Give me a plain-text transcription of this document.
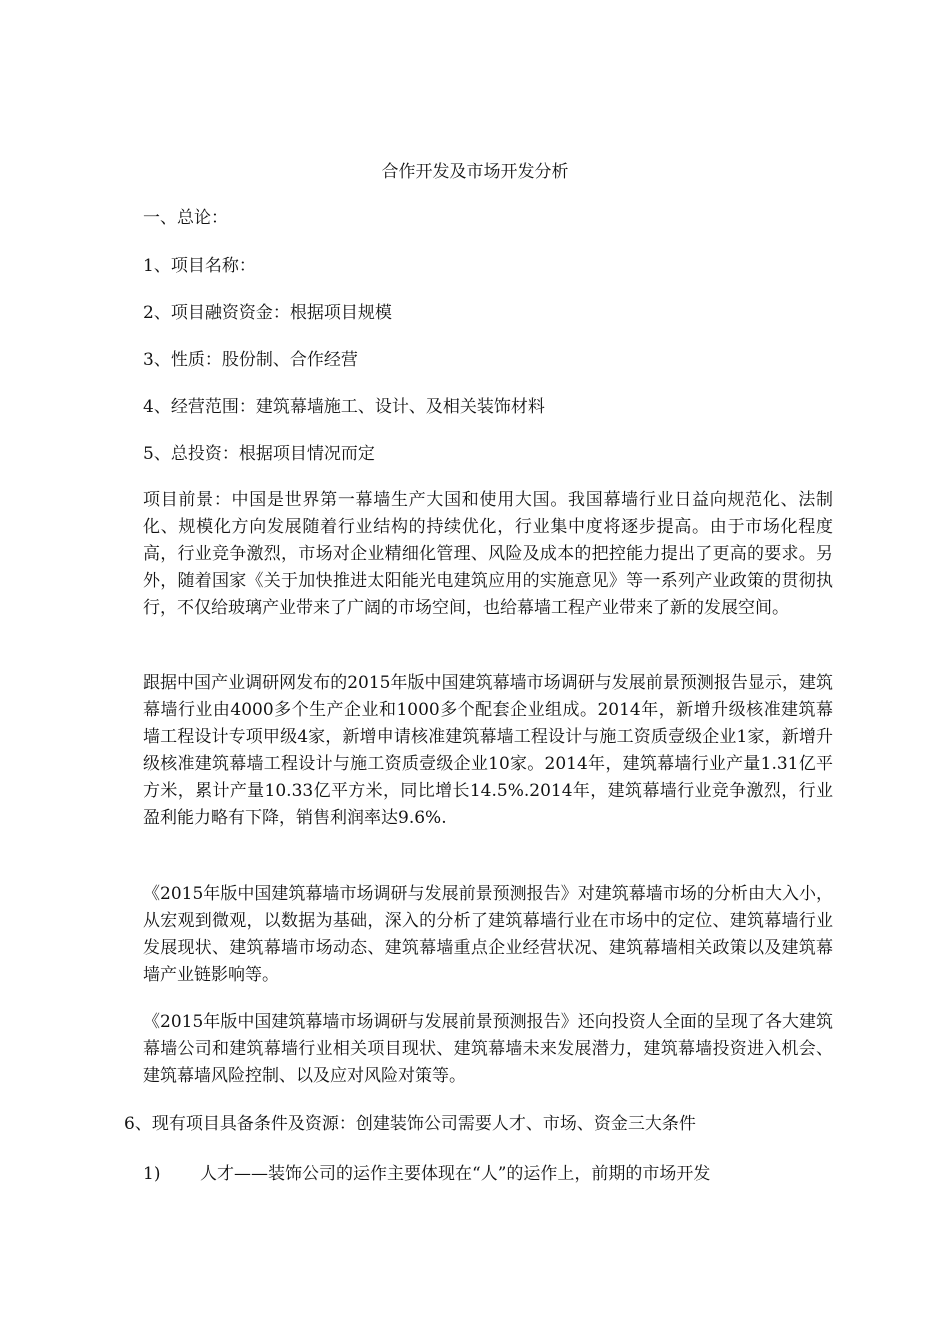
合作开发及市场开发分析
一、总论：
1、项目名称：
2、项目融资资金：根据项目规模
3、性质：股份制、合作经营
4、经营范围：建筑幕墙施工、设计、及相关装饰材料
5、总投资：根据项目情况而定
项目前景：中国是世界第一幕墙生产大国和使用大国。我国幕墙行业日益向规范化、法制化、规模化方向发展随着行业结构的持续优化，行业集中度将逐步提高。由于市场化程度高，行业竞争激烈，市场对企业精细化管理、风险及成本的把控能力提出了更高的要求。另外，随着国家《关于加快推进太阳能光电建筑应用的实施意见》等一系列产业政策的贯彻执行，不仅给玻璃产业带来了广阔的市场空间，也给幕墙工程产业带来了新的发展空间。
跟据中国产业调研网发布的2015年版中国建筑幕墙市场调研与发展前景预测报告显示，建筑幕墙行业由4000多个生产企业和1000多个配套企业组成。2014年，新增升级核准建筑幕墙工程设计专项甲级4家，新增申请核准建筑幕墙工程设计与施工资质壹级企业1家，新增升级核准建筑幕墙工程设计与施工资质壹级企业10家。2014年，建筑幕墙行业产量1.31亿平方米，累计产量10.33亿平方米，同比增长14.5%.2014年，建筑幕墙行业竞争激烈，行业盈利能力略有下降，销售利润率达9.6%.
《2015年版中国建筑幕墙市场调研与发展前景预测报告》对建筑幕墙市场的分析由大入小，从宏观到微观，以数据为基础，深入的分析了建筑幕墙行业在市场中的定位、建筑幕墙行业发展现状、建筑幕墙市场动态、建筑幕墙重点企业经营状况、建筑幕墙相关政策以及建筑幕墙产业链影响等。
《2015年版中国建筑幕墙市场调研与发展前景预测报告》还向投资人全面的呈现了各大建筑幕墙公司和建筑幕墙行业相关项目现状、建筑幕墙未来发展潜力，建筑幕墙投资进入机会、建筑幕墙风险控制、以及应对风险对策等。
6、现有项目具备条件及资源：创建装饰公司需要人才、市场、资金三大条件
1) 人才——装饰公司的运作主要体现在“人”的运作上，前期的市场开发
